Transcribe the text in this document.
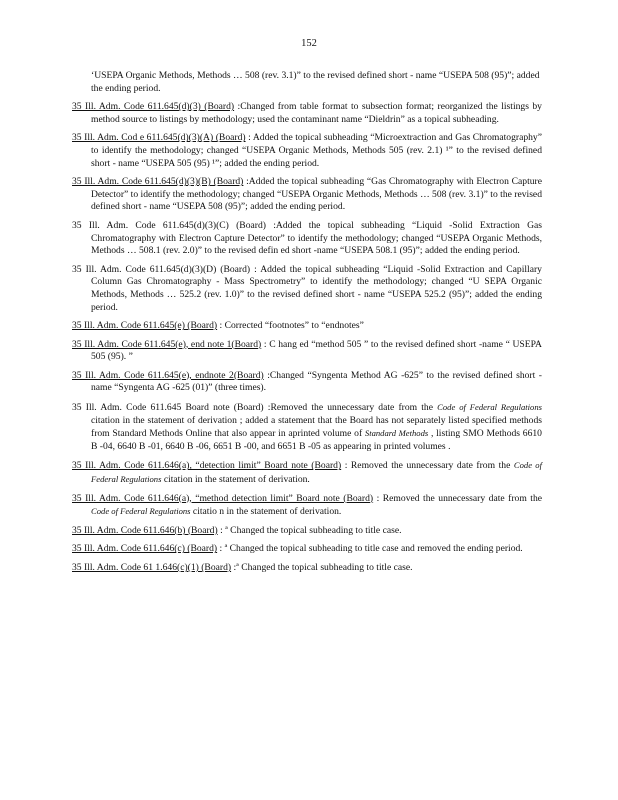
152
‘USEPA Organic Methods, Methods … 508 (rev. 3.1)” to the revised defined short - name “USEPA 508 (95)”; added the ending period.
35 Ill. Adm. Code 611.645(d)(3) (Board) :Changed from table format to subsection format; reorganized the listings by method source to listings by methodology; used the contaminant name “Dieldrin” as a topical subheading.
35 Ill. Adm. Cod e 611.645(d)(3)(A) (Board) : Added the topical subheading “Microextraction and Gas Chromatography” to identify the methodology; changed “USEPA Organic Methods, Methods 505 (rev. 2.1) ¹” to the revised defined short - name “USEPA 505 (95) ¹”; added the ending period.
35 Ill. Adm. Code 611.645(d)(3)(B) (Board) :Added the topical subheading “Gas Chromatography with Electron Capture Detector” to identify the methodology; changed “USEPA Organic Methods, Methods … 508 (rev. 3.1)” to the revised defined short - name “USEPA 508 (95)”; added the ending period.
35 Ill. Adm. Code 611.645(d)(3)(C) (Board) :Added the topical subheading “Liquid -Solid Extraction Gas Chromatography with Electron Capture Detector” to identify the methodology; changed “USEPA Organic Methods, Methods … 508.1 (rev. 2.0)” to the revised defin ed short -name “USEPA 508.1 (95)”; added the ending period.
35 Ill. Adm. Code 611.645(d)(3)(D) (Board) : Added the topical subheading “Liquid -Solid Extraction and Capillary Column Gas Chromatography - Mass Spectrometry” to identify the methodology; changed “U SEPA Organic Methods, Methods … 525.2 (rev. 1.0)” to the revised defined short - name “USEPA 525.2 (95)”; added the ending period.
35 Ill. Adm. Code 611.645(e) (Board) : Corrected “footnotes” to “endnotes”
35 Ill. Adm. Code 611.645(e), end note 1(Board) : C hang ed “method 505 ” to the revised defined short -name “ USEPA 505 (95). ”
35 Ill. Adm. Code 611.645(e), endnote 2(Board) :Changed “Syngenta Method AG -625” to the revised defined short - name “Syngenta AG -625 (01)” (three times).
35 Ill. Adm. Code 611.645 Board note (Board) :Removed the unnecessary date from the Code of Federal Regulations citation in the statement of derivation ; added a statement that the Board has not separately listed specified methods from Standard Methods Online that also appear in aprinted volume of Standard Methods , listing SMO Methods 6610 B -04, 6640 B -01, 6640 B -06, 6651 B -00, and 6651 B -05 as appearing in printed volumes .
35 Ill. Adm. Code 611.646(a), “detection limit” Board note (Board) : Removed the unnecessary date from the Code of Federal Regulations citation in the statement of derivation.
35 Ill. Adm. Code 611.646(a), “method detection limit” Board note (Board) : Removed the unnecessary date from the Code of Federal Regulations citatio n in the statement of derivation.
35 Ill. Adm. Code 611.646(b) (Board) : ª Changed the topical subheading to title case.
35 Ill. Adm. Code 611.646(c) (Board) : ª Changed the topical subheading to title case and removed the ending period.
35 Ill. Adm. Code 61 1.646(c)(1) (Board) :ª Changed the topical subheading to title case.
